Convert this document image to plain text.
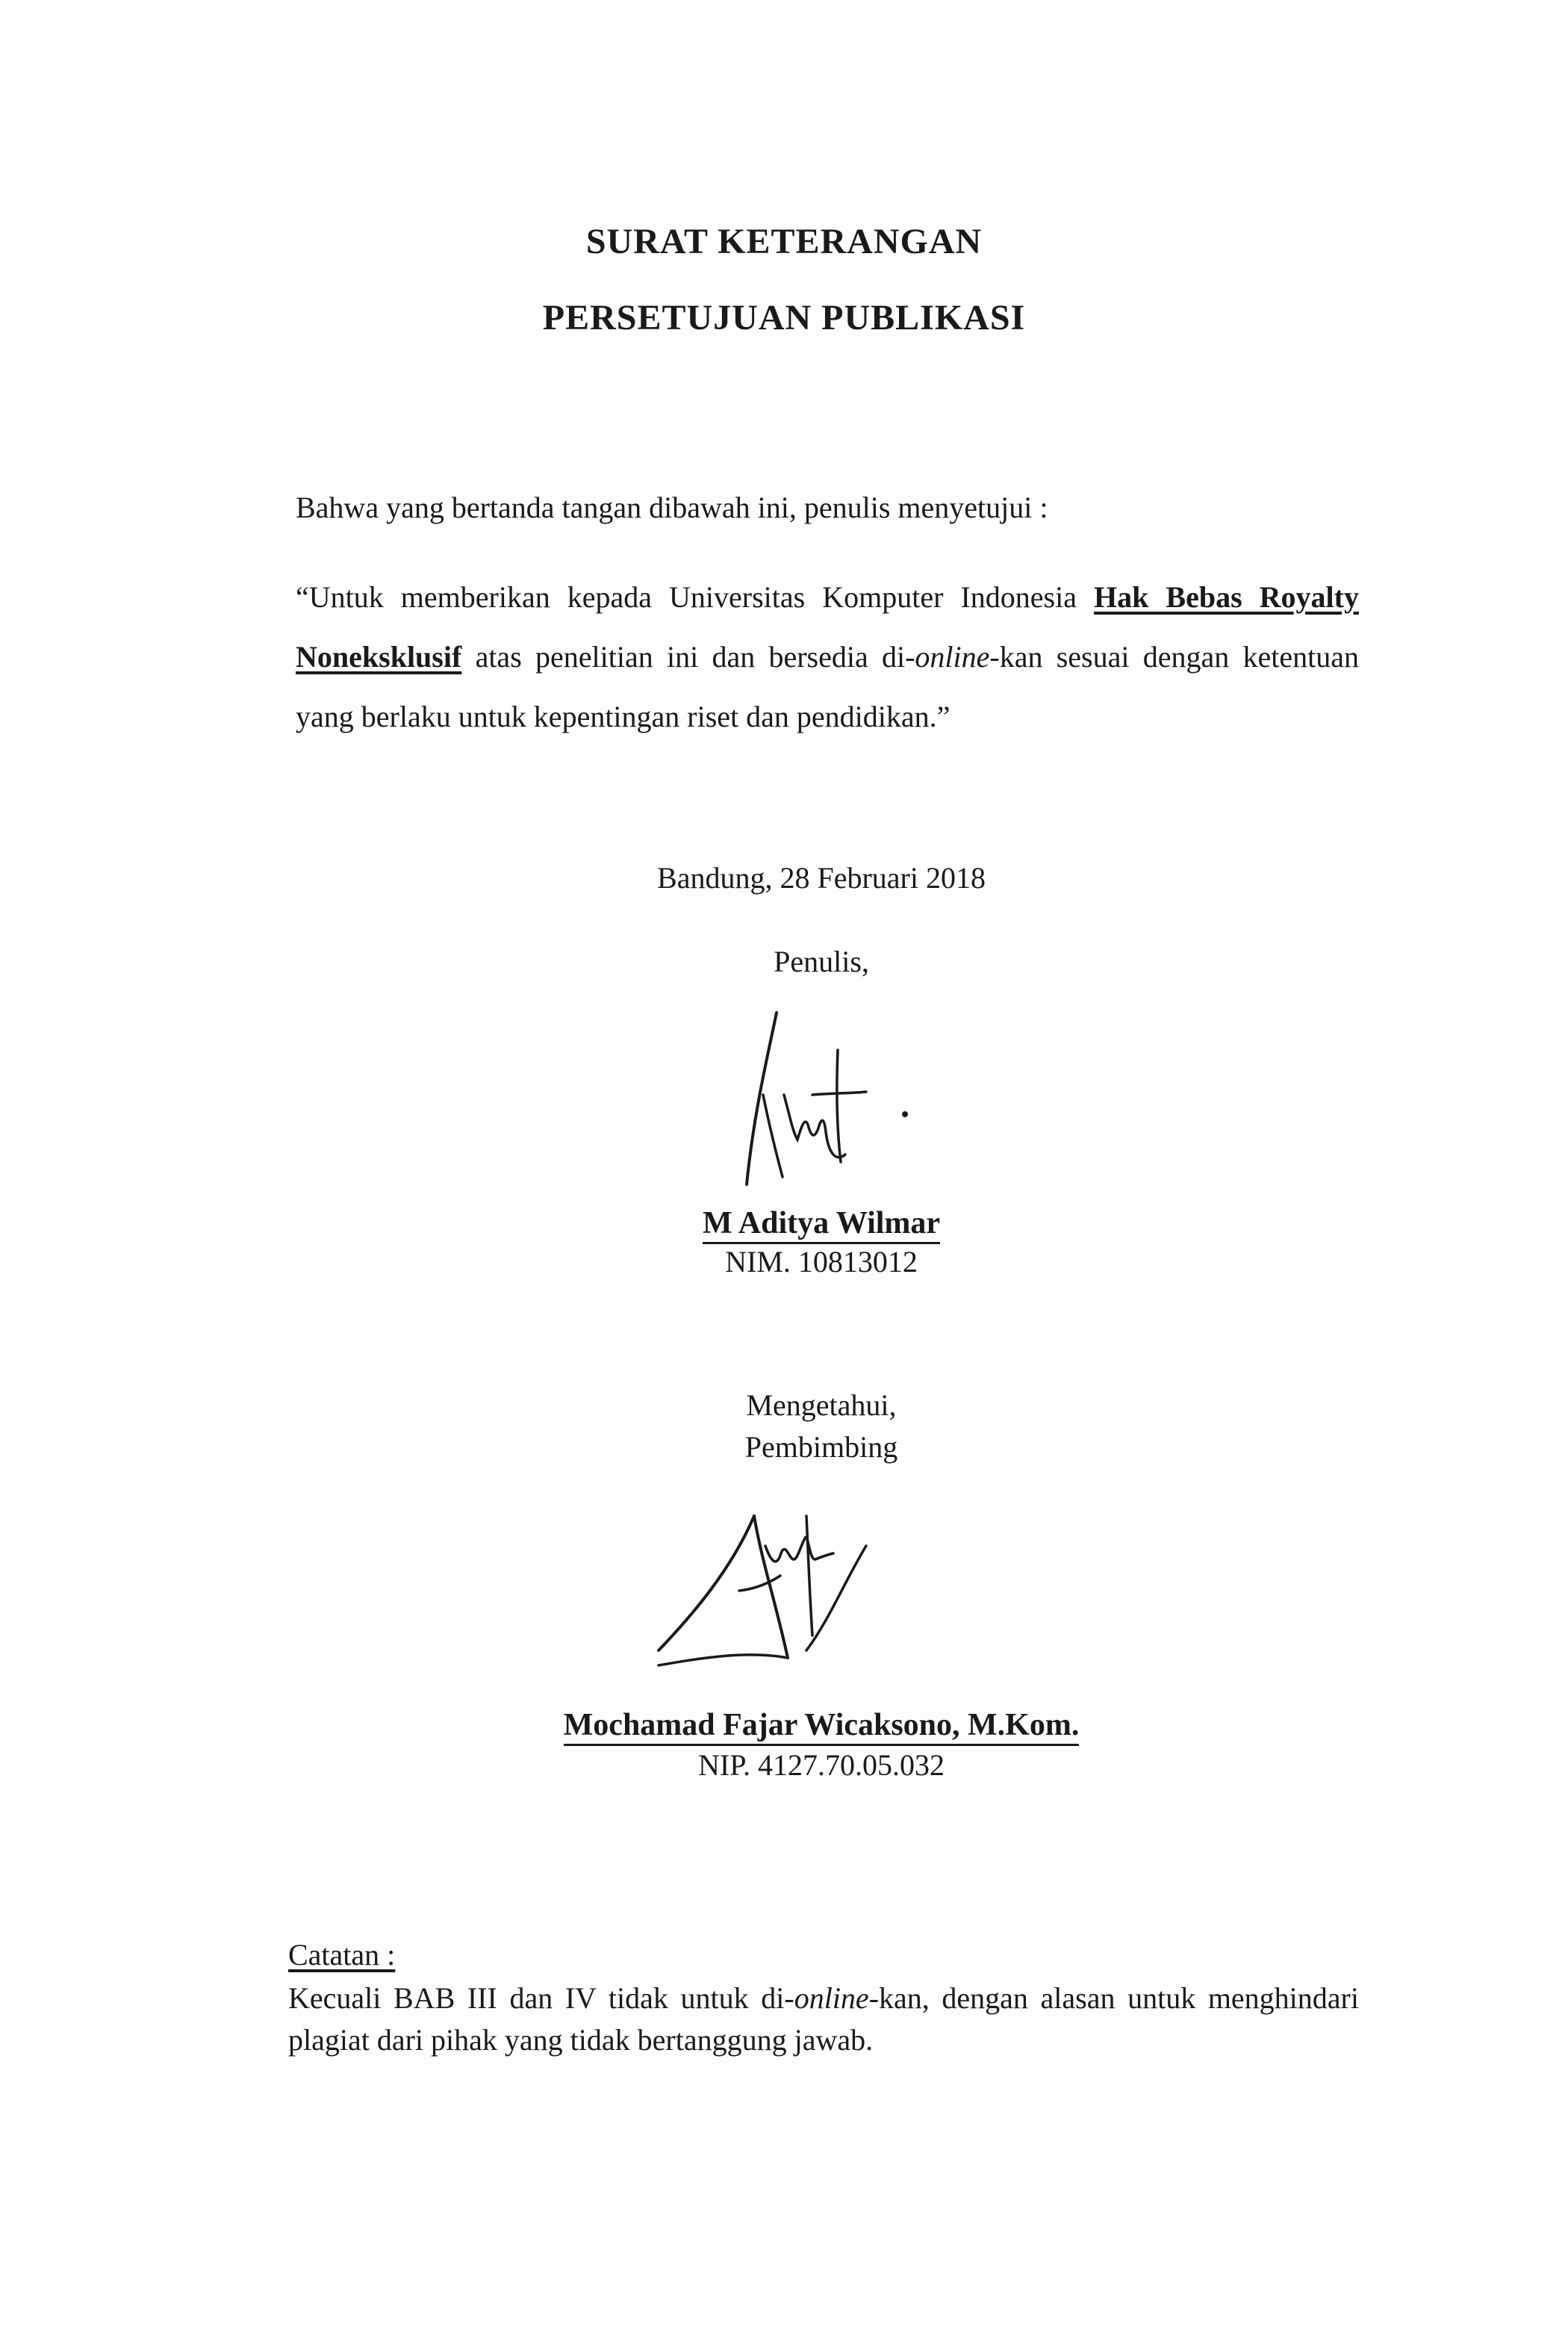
SURAT KETERANGAN
PERSETUJUAN PUBLIKASI
Bahwa yang bertanda tangan dibawah ini, penulis menyetujui :
“Untuk memberikan kepada Universitas Komputer Indonesia Hak Bebas Royalty Noneksklusif atas penelitian ini dan bersedia di-online-kan sesuai dengan ketentuan yang berlaku untuk kepentingan riset dan pendidikan.”
Bandung, 28 Februari 2018
Penulis,
M Aditya Wilmar
NIM. 10813012
Mengetahui,
Pembimbing
Mochamad Fajar Wicaksono, M.Kom.
NIP. 4127.70.05.032
Catatan :
Kecuali BAB III dan IV tidak untuk di-online-kan, dengan alasan untuk menghindari plagiat dari pihak yang tidak bertanggung jawab.
